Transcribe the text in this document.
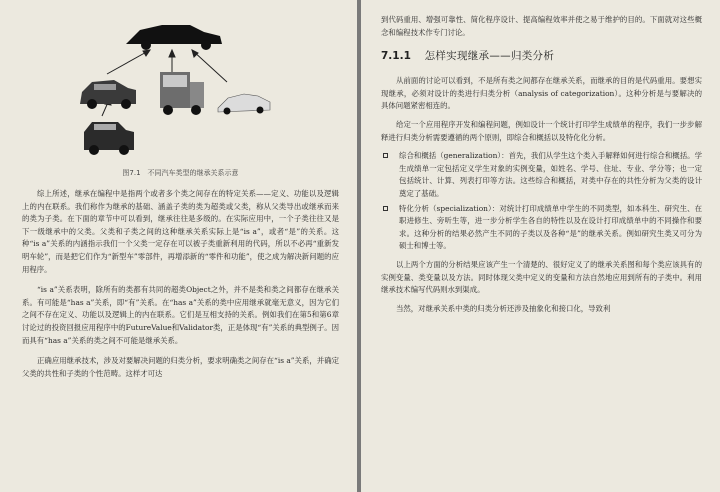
图7.1　不同汽车类型的继承关系示意

综上所述，继承在编程中是指两个或者多个类之间存在的特定关系——定义、功能以及逻辑上的内在联系。我们称作为继承的基础、涵盖子类的类为超类或父类，称从父类导出或继承而来的类为子类。在下面的章节中可以看到，继承往往是多级的。在实际应用中，一个子类往往又是下一级继承中的父类。父类和子类之间的这种继承关系实际上是“is a”，或者“是”的关系。这种“is a”关系的内涵指示我们一个父类一定存在可以被子类重新利用的代码，所以不必再“重新发明车轮”，而是把它们作为“新型车”零部件，再增添新的“零件和功能”，使之成为解决新问题的应用程序。

“is a”关系表明，除所有的类都有共同的超类Object之外，并不是类和类之间都存在继承关系。有可能是“has a”关系，即“有”关系。在“has a”关系的类中应用继承就毫无意义，因为它们之间不存在定义、功能以及逻辑上的内在联系。它们是互相支持的关系。例如我们在第5和第6章讨论过的投资回报应用程序中的FutureValue和Validator类，正是体现“有”关系的典型例子。因而具有“has a”关系的类之间不可能是继承关系。

正确应用继承技术，涉及对要解决问题的归类分析，要求明确类之间存在“is a”关系，并确定父类的共性和子类的个性范畴。这样才可达

到代码重用、增强可靠性、简化程序设计、提高编程效率并使之易于维护的目的。下面就对这些概念和编程技术作专门讨论。

7.1.1 怎样实现继承——归类分析

从前面的讨论可以看到，不是所有类之间都存在继承关系，而继承的目的是代码重用。要想实现继承，必须对设计的类进行归类分析（analysis of categorization）。这种分析是与要解决的具体问题紧密相连的。

给定一个应用程序开发和编程问题，例如设计一个统计打印学生成绩单的程序，我们一步步解释进行归类分析需要遵循的两个原则，即综合和概括以及特化化分析。

综合和概括（generalization）：首先，我们从学生这个类入手解释如何进行综合和概括。学生成绩单一定包括定义学生对象的实例变量，如姓名、学号、住址、专业、学分等；也一定包括统计、计算、列表打印等方法。这些综合和概括，对类中存在的共性分析为父类的设计奠定了基础。
特化分析（specialization）：对统计打印成绩单中学生的不同类型，如本科生、研究生、在职进修生、旁听生等，进一步分析学生各自的特性以及在设计打印成绩单中的不同操作和要求。这种分析的结果必然产生不同的子类以及各种“是”的继承关系。例如研究生类又可分为硕士和博士等。

以上两个方面的分析结果应该产生一个清楚的、很好定义了的继承关系图和每个类应该具有的实例变量、类变量以及方法。同时体现父类中定义的变量和方法自然地应用到所有的子类中。利用继承技术编写代码则水到渠成。

当然，对继承关系中类的归类分析还涉及抽象化和接口化，导致利
